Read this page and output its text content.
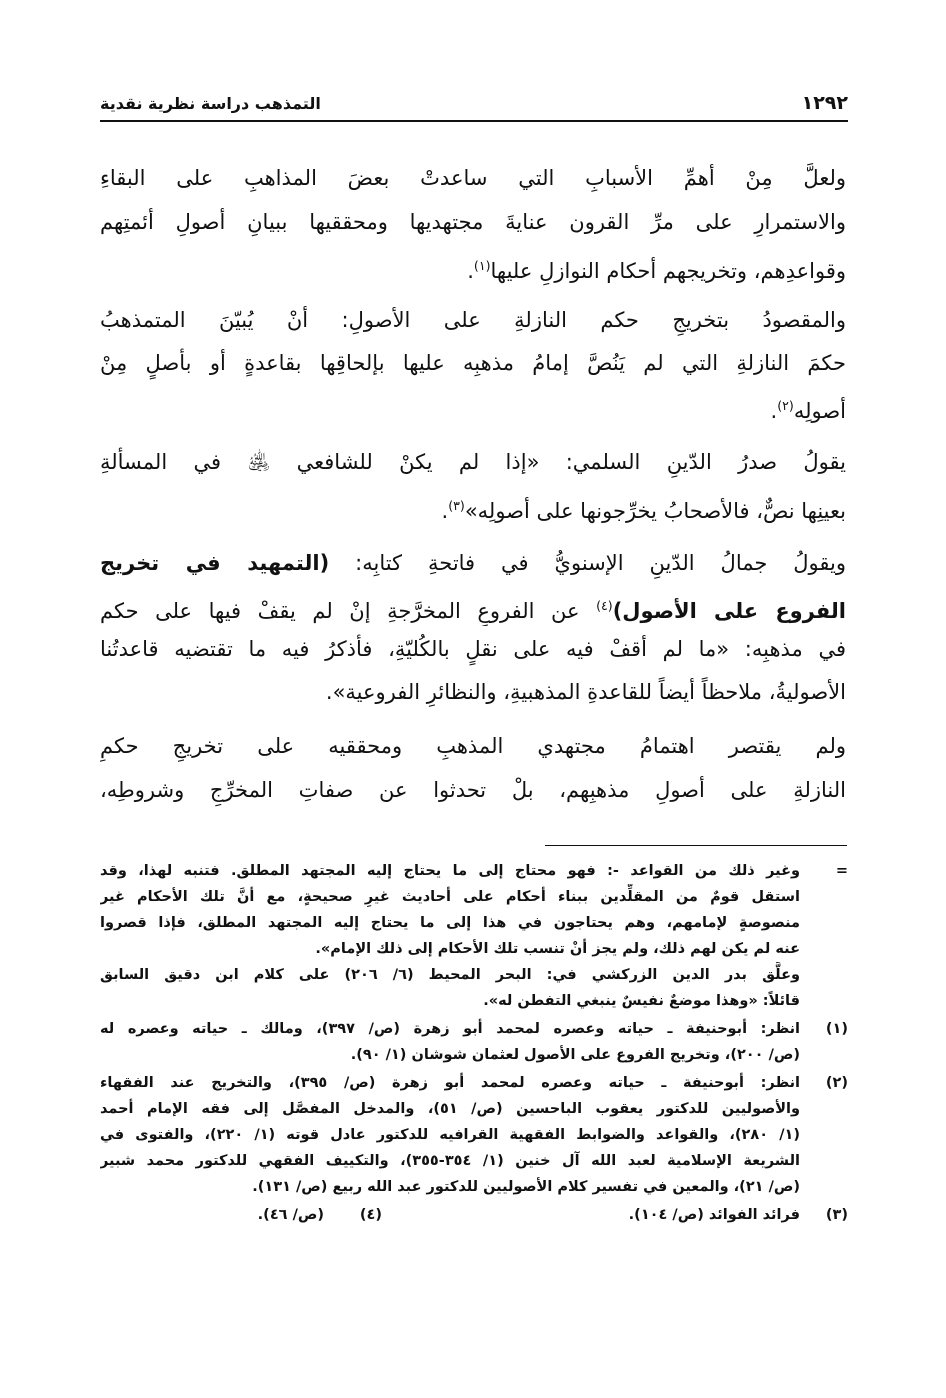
١٢٩٢
التمذهب دراسة نظرية نقدية
ولعلَّ مِنْ أهمِّ الأسبابِ التي ساعدتْ بعضَ المذاهبِ على البقاءِ
والاستمرارِ على مرِّ القرون عنايةَ مجتهديها ومحققيها ببيانِ أصولِ أئمتِهم
وقواعدِهم، وتخريجهم أحكام النوازلِ عليها$^{(١)}$.
والمقصودُ بتخريجِ حكم النازلةِ على الأصولِ: أنْ يُبيّنَ المتمذهبُ
حكمَ النازلةِ التي لم يَنُصَّ إمامُ مذهبِه عليها بإلحاقِها بقاعدةٍ أو بأصلٍ مِنْ
أصولِه$^{(٢)}$.
يقولُ صدرُ الدّينِ السلمي: «إذا لم يكنْ للشافعي ﵁ في المسألةِ
بعينِها نصٌّ، فالأصحابُ يخرِّجونها على أصولِه»$^{(٣)}$.
ويقولُ جمالُ الدّينِ الإسنويُّ في فاتحةِ كتابِه: (التمهيد في تخريج
الفروع على الأصول)$^{(٤)}$ عن الفروعِ المخرَّجةِ إنْ لم يقفْ فيها على حكم
في مذهبِه: «ما لم أقفْ فيه على نقلٍ بالكُليّةِ، فأذكرُ فيه ما تقتضيه قاعدتُنا
الأصوليةُ، ملاحظاً أيضاً للقاعدةِ المذهبيةِ، والنظائرِ الفروعية».
ولم يقتصر اهتمامُ مجتهدي المذهبِ ومحققيه على تخريجِ حكمِ
النازلةِ على أصولِ مذهبِهم، بلْ تحدثوا عن صفاتِ المخرِّجِ وشروطِه،
=
وغير ذلك من القواعد -: فهو محتاج إلى ما يحتاج إليه المجتهد المطلق. فتنبه لهذا، وقد
استقل قومٌ من المقلِّدين ببناء أحكام على أحاديث غيرِ صحيحةٍ، مع أنَّ تلك الأحكام غير
منصوصةٍ لإمامهم، وهم يحتاجون في هذا إلى ما يحتاج إليه المجتهد المطلق، فإذا قصروا
عنه لم يكن لهم ذلك، ولم يجز أنْ تنسب تلك الأحكام إلى ذلك الإمام».
وعلَّق بدر الدين الزركشي في: البحر المحيط (٦/ ٢٠٦) على كلام ابن دقيق السابق
قائلاً: «وهذا موضعٌ نفيسٌ ينبغي التفطن له».
(١)
انظر: أبوحنيفة ـ حياته وعصره لمحمد أبو زهرة (ص/ ٣٩٧)، ومالك ـ حياته وعصره له
(ص/ ٢٠٠)، وتخريج الفروع على الأصول لعثمان شوشان (١/ ٩٠).
(٢)
انظر: أبوحنيفة ـ حياته وعصره لمحمد أبو زهرة (ص/ ٣٩٥)، والتخريج عند الفقهاء
والأصوليين للدكتور يعقوب الباحسين (ص/ ٥١)، والمدخل المفصَّل إلى فقه الإمام أحمد
(١/ ٢٨٠)، والقواعد والضوابط الفقهية القرافيه للدكتور عادل قوته (١/ ٢٢٠)، والفتوى في
الشريعة الإسلامية لعبد الله آل خنين (١/ ٣٥٤-٣٥٥)، والتكييف الفقهي للدكتور محمد شبير
(ص/ ٢١)، والمعين في تفسير كلام الأصوليين للدكتور عبد الله ربيع (ص/ ١٣١).
(٣)
فرائد الفوائد (ص/ ١٠٤).
(٤)
(ص/ ٤٦).
